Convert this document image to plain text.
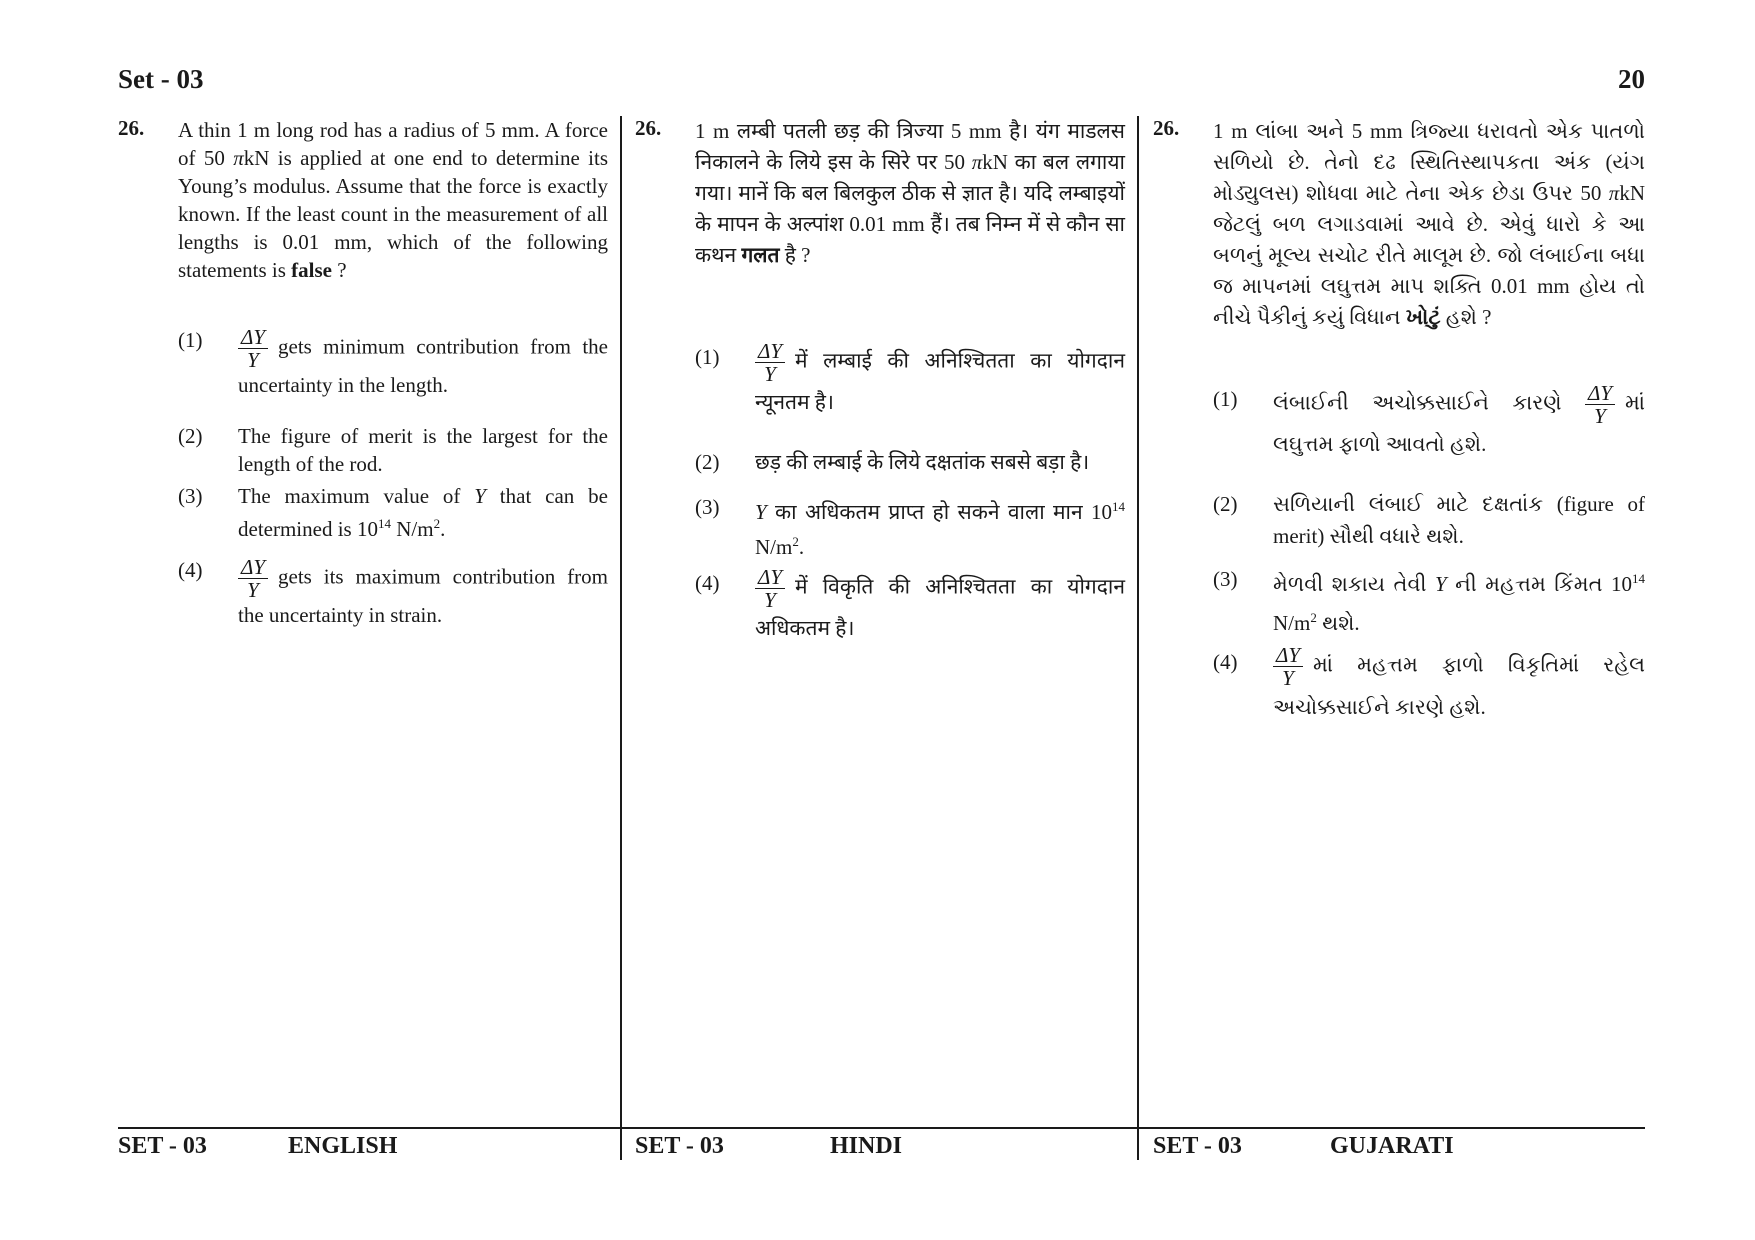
Set - 03	20
26. A thin 1 m long rod has a radius of 5 mm. A force of 50 πkN is applied at one end to determine its Young’s modulus. Assume that the force is exactly known. If the least count in the measurement of all lengths is 0.01 mm, which of the following statements is false ?
$(1) \frac{\Delta Y}{Y}$ gets minimum contribution from the uncertainty in the length.
(2) The figure of merit is the largest for the length of the rod.
(3) The maximum value of Y that can be determined is $10^{14}$ $N/m^2$.
$(4) \frac{\Delta Y}{Y}$ gets its maximum contribution from the uncertainty in strain.
26. 1 m लम्बी पतली छड़ की त्रिज्या 5 mm है। यंग माडलस निकालने के लिये इस के सिरे पर 50 πkN का बल लगाया गया। मानें कि बल बिलकुल ठीक से ज्ञात है। यदि लम्बाइयों के मापन के अल्पांश 0.01 mm हैं। तब निम्न में से कौन सा कथन गलत है ?
$(1) \frac{\Delta Y}{Y}$ में लम्बाई की अनिश्चितता का योगदान न्यूनतम है।
(2) छड़ की लम्बाई के लिये दक्षतांक सबसे बड़ा है।
(3) Y का अधिकतम प्राप्त हो सकने वाला मान $10^{14}$ $N/m^2$.
$(4) \frac{\Delta Y}{Y}$ में विकृति की अनिश्चितता का योगदान अधिकतम है।
26. 1 m લાંબા અને 5 mm ત્રિજ્યા ધરાવતો એક પાતળો સળિયો છે. તેનો દઢ સ્થિતિસ્થાપકતા અંક (યંગ મોડ્યુલસ) શોધવા માટે તેના એક છેડા ઉપર 50 πkN જેટલું બળ લગાડવામાં આવે છે. એવું ધારો કે આ બળનું મૂલ્ય સચોટ રીતે માલૂમ છે. જો લંબાઈના બધા જ માપનમાં લઘુત્તમ માપ શક્તિ 0.01 mm હોય તો નીચે પૈકીનું કયું વિધાન ખોટું હશે ?
(1) લંબાઈની અચોક્કસાઈને કારણે $\frac{\Delta Y}{Y}$ માં લઘુત્તમ ફાળો આવતો હશે.
(2) સળિયાની લંબાઈ માટે દક્ષતાંક (figure of merit) સૌથી વધારે થશે.
(3) મેળવી શકાય તેવી Y ની મહત્તમ કિંમત $10^{14}$ $N/m^2$ થશે.
$(4) \frac{\Delta Y}{Y}$ માં મહત્તમ ફાળો વિકૃતિમાં રહેલ અચોક્કસાઈને કારણે હશે.
SET - 03	ENGLISH	SET - 03	HINDI	SET - 03	GUJARATI
